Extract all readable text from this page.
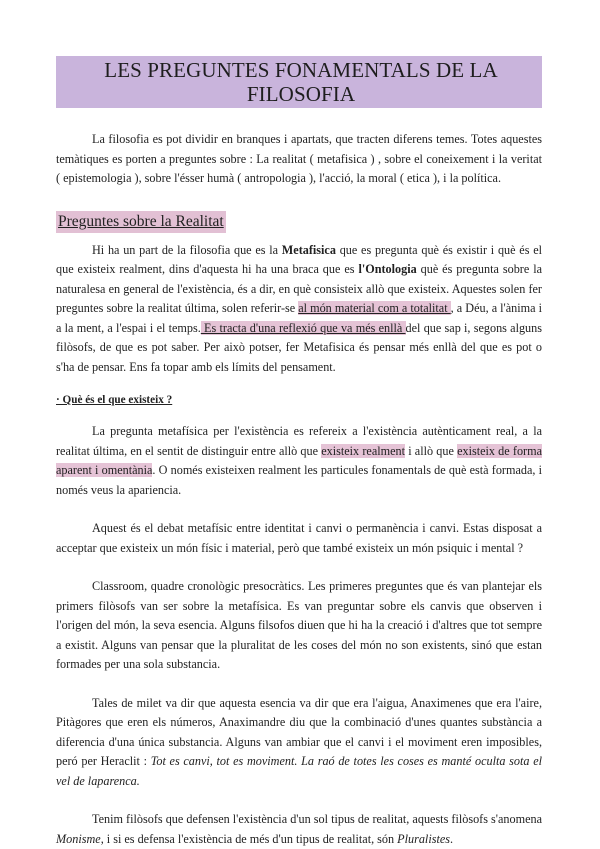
LES PREGUNTES FONAMENTALS DE LA FILOSOFIA

La filosofia es pot dividir en branques i apartats, que tracten diferens temes. Totes aquestes temàtiques es porten a preguntes sobre : La realitat ( metafisica ) , sobre el coneixement i la veritat ( epistemologia ), sobre l'ésser humà ( antropologia ), l'acció, la moral ( etica ), i la política.

Preguntes sobre la Realitat

Hi ha un part de la filosofia que es la Metafisica que es pregunta què és existir i què és el que existeix realment, dins d'aquesta hi ha una braca que es l'Ontologia què és pregunta sobre la naturalesa en general de l'existència, és a dir, en què consisteix allò que existeix. Aquestes solen fer preguntes sobre la realitat última, solen referir-se al món material com a totalitat , a Déu, a l'ànima i a la ment, a l'espai i el temps. Es tracta d'una reflexió que va més enllà del que sap i, segons alguns filòsofs, de que es pot saber. Per això potser, fer Metafisica és pensar més enllà del que es pot o s'ha de pensar. Ens fa topar amb els límits del pensament.

· Què és el que existeix ?

La pregunta metafísica per l'existència es refereix a l'existència autènticament real, a la realitat última, en el sentit de distinguir entre allò que existeix realment i allò que existeix de forma aparent i omentània. O només existeixen realment les particules fonamentals de què està formada, i només veus la apariencia.

Aquest és el debat metafísic entre identitat i canvi o permanència i canvi. Estas disposat a acceptar que existeix un món físic i material, però que també existeix un món psiquic i mental ?

Classroom, quadre cronològic presocràtics. Les primeres preguntes que és van plantejar els primers filòsofs van ser sobre la metafísica. Es van preguntar sobre els canvis que observen i l'origen del món, la seva esencia. Alguns filsofos diuen que hi ha la creació i d'altres que tot sempre a existit. Alguns van pensar que la pluralitat de les coses del món no son existents, sinó que estan formades per una sola substancia.

Tales de milet va dir que aquesta esencia va dir que era l'aigua, Anaximenes que era l'aire, Pitàgores que eren els números, Anaximandre diu que la combinació d'unes quantes substància a diferencia d'una única substancia. Alguns van ambiar que el canvi i el moviment eren imposibles, peró per Heraclit : Tot es canvi, tot es moviment. La raó de totes les coses es manté oculta sota el vel de laparenca.

Tenim filòsofs que defensen l'existència d'un sol tipus de realitat, aquests filòsofs s'anomena Monisme, i si es defensa l'existència de més d'un tipus de realitat, són Pluralistes.
